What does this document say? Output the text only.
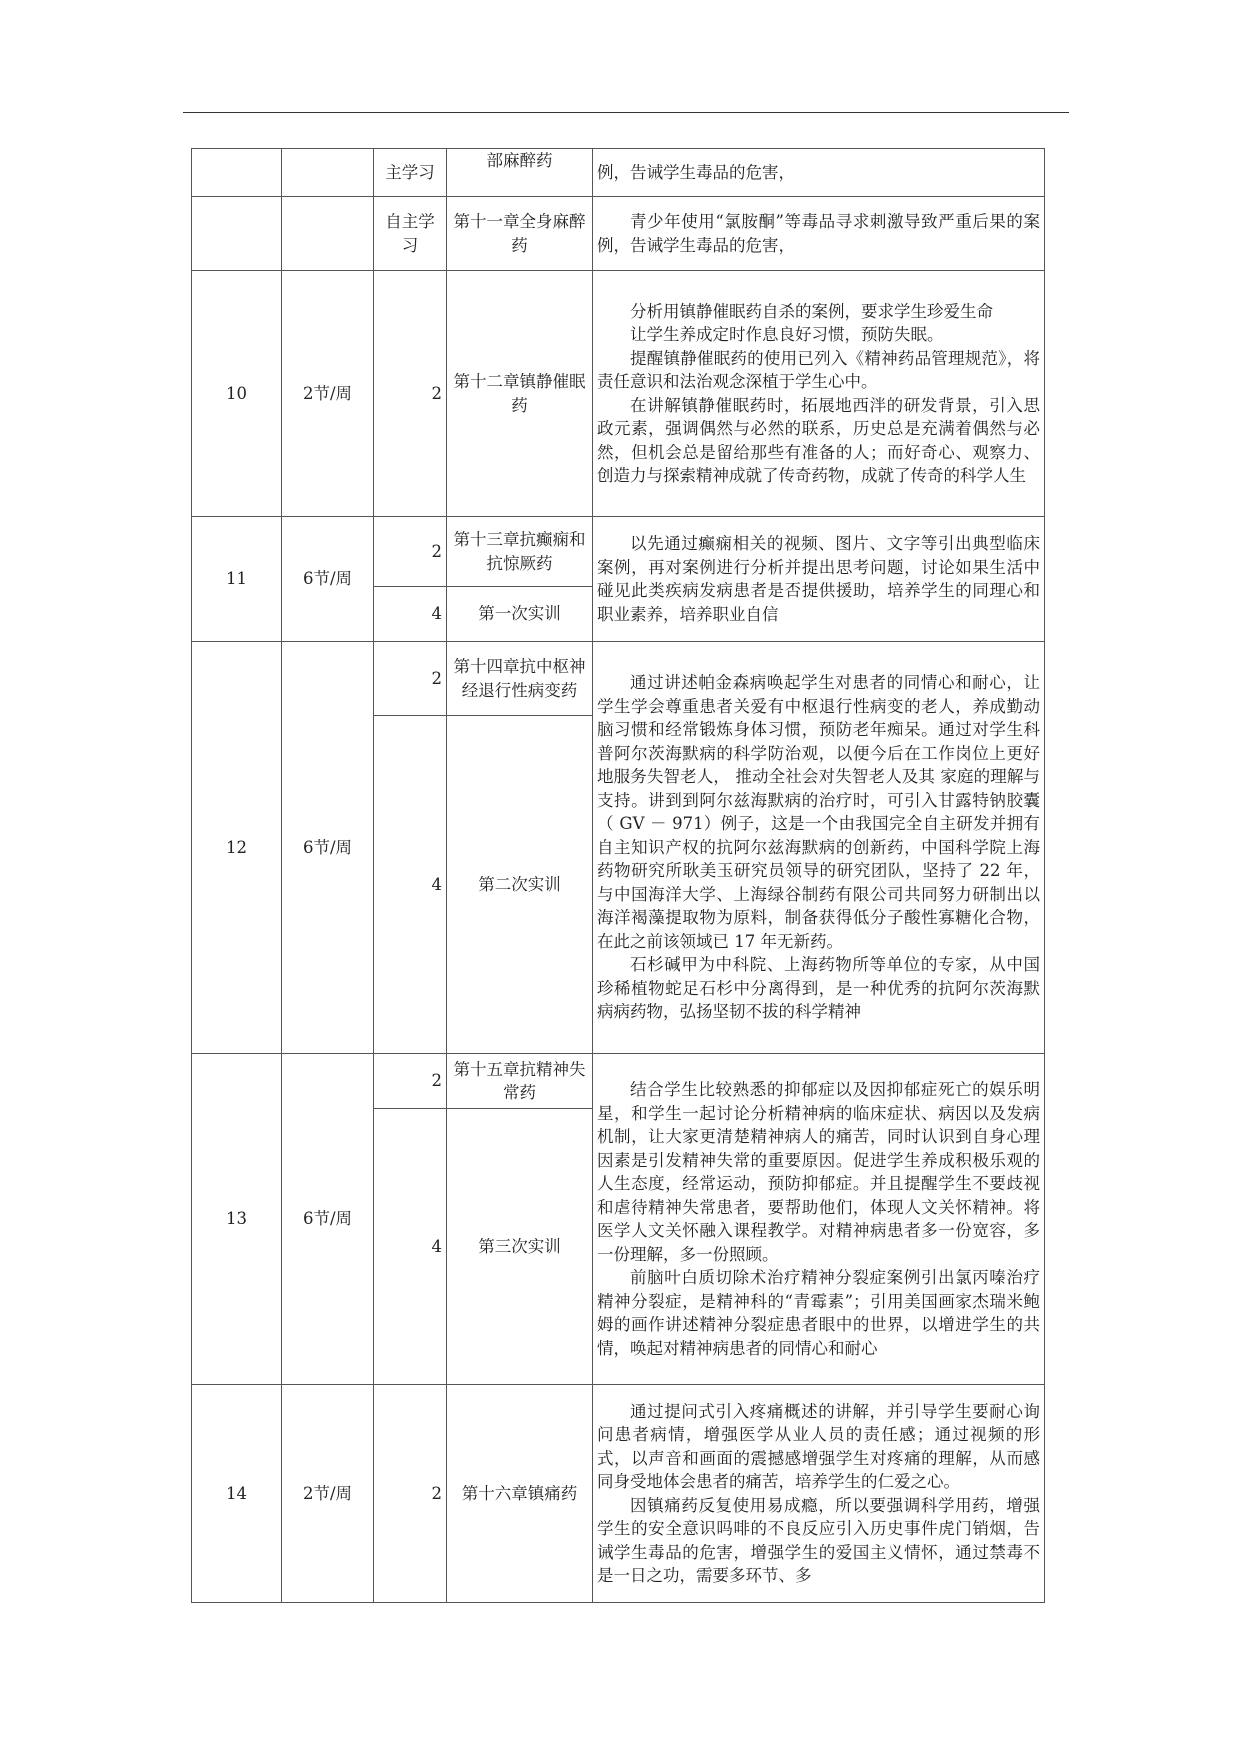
		主学习	部麻醉药	例，告诫学生毒品的危害，

		自主学习	第十一章全身麻醉药	青少年使用“氯胺酮”等毒品寻求刺激导致严重后果的案例，告诫学生毒品的危害，

10	2节/周	2	第十二章镇静催眠药	分析用镇静催眠药自杀的案例，要求学生珍爱生命

让学生养成定时作息良好习惯，预防失眠。

提醒镇静催眠药的使用已列入《精神药品管理规范》，将责任意识和法治观念深植于学生心中。

在讲解镇静催眠药时，拓展地西泮的研发背景，引入思政元素，强调偶然与必然的联系，历史总是充满着偶然与必然，但机会总是留给那些有准备的人；而好奇心、观察力、创造力与探索精神成就了传奇药物，成就了传奇的科学人生

11	6节/周	2	第十三章抗癫痫和抗惊厥药	以先通过癫痫相关的视频、图片、文字等引出典型临床案例，再对案例进行分析并提出思考问题，讨论如果生活中碰见此类疾病发病患者是否提供援助，培养学生的同理心和职业素养，培养职业自信

		4	第一次实训	
12	6节/周	2	第十四章抗中枢神经退行性病变药	通过讲述帕金森病唤起学生对患者的同情心和耐心，让学生学会尊重患者关爱有中枢退行性病变的老人，养成勤动脑习惯和经常锻炼身体习惯，预防老年痴呆。通过对学生科普阿尔茨海默病的科学防治观，以便今后在工作岗位上更好地服务失智老人， 推动全社会对失智老人及其 家庭的理解与支持。讲到到阿尔兹海默病的治疗时，可引入甘露特钠胶囊（ GV － 971）例子，这是一个由我国完全自主研发并拥有自主知识产权的抗阿尔兹海默病的创新药，中国科学院上海药物研究所耿美玉研究员领导的研究团队，坚持了 22 年，与中国海洋大学、上海绿谷制药有限公司共同努力研制出以海洋褐藻提取物为原料，制备获得低分子酸性寡糖化合物，在此之前该领域已 17 年无新药。

石杉碱甲为中科院、上海药物所等单位的专家，从中国珍稀植物蛇足石杉中分离得到，是一种优秀的抗阿尔茨海默病病药物，弘扬坚韧不拔的科学精神

		4	第二次实训	
13	6节/周	2	第十五章抗精神失常药	结合学生比较熟悉的抑郁症以及因抑郁症死亡的娱乐明星，和学生一起讨论分析精神病的临床症状、病因以及发病机制，让大家更清楚精神病人的痛苦，同时认识到自身心理因素是引发精神失常的重要原因。促进学生养成积极乐观的人生态度，经常运动，预防抑郁症。并且提醒学生不要歧视和虐待精神失常患者，要帮助他们，体现人文关怀精神。将医学人文关怀融入课程教学。对精神病患者多一份宽容，多一份理解，多一份照顾。

前脑叶白质切除术治疗精神分裂症案例引出氯丙嗪治疗精神分裂症，是精神科的“青霉素”；引用美国画家杰瑞米鲍姆的画作讲述精神分裂症患者眼中的世界，以增进学生的共情，唤起对精神病患者的同情心和耐心

		4	第三次实训	
14	2节/周	2	第十六章镇痛药	通过提问式引入疼痛概述的讲解，并引导学生要耐心询问患者病情，增强医学从业人员的责任感；通过视频的形式，以声音和画面的震撼感增强学生对疼痛的理解，从而感同身受地体会患者的痛苦，培养学生的仁爱之心。

因镇痛药反复使用易成瘾，所以要强调科学用药，增强学生的安全意识吗啡的不良反应引入历史事件虎门销烟，告诫学生毒品的危害，增强学生的爱国主义情怀，通过禁毒不是一日之功，需要多环节、多
